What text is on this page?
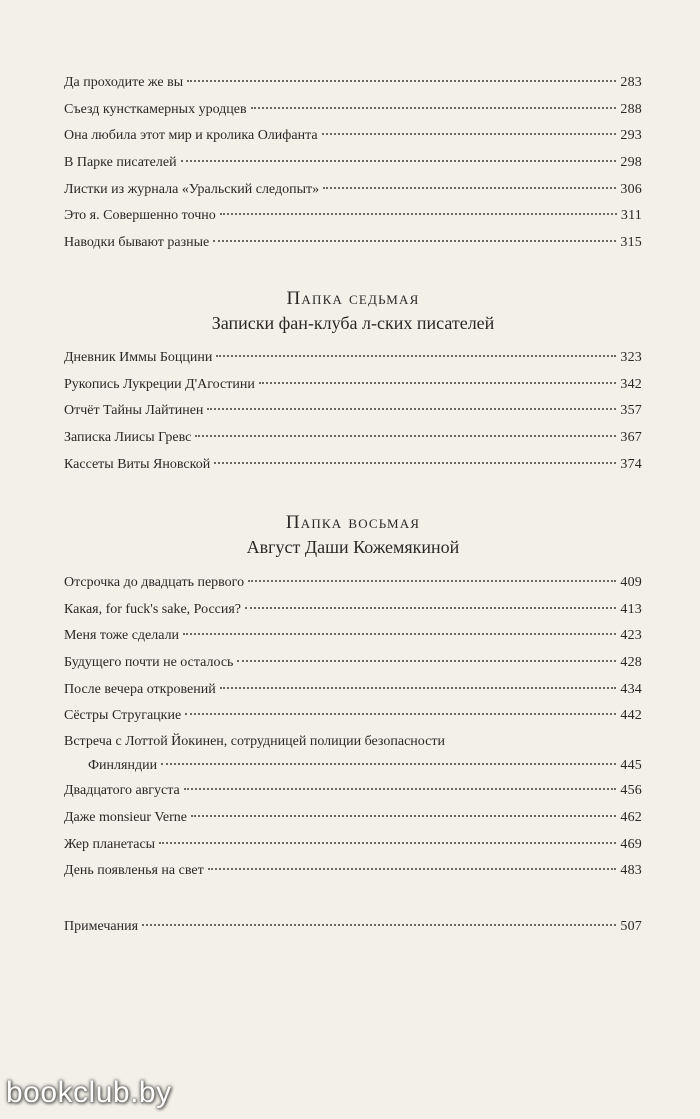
Да проходите же вы	283
Съезд кунсткамерных уродцев	288
Она любила этот мир и кролика Олифанта	293
В Парке писателей	298
Листки из журнала «Уральский следопыт»	306
Это я. Совершенно точно	311
Наводки бывают разные	315
Папка седьмая
Записки фан-клуба л-ских писателей
Дневник Иммы Боццини	323
Рукопись Лукреции Д'Агостини	342
Отчёт Тайны Лайтинен	357
Записка Лииcы Гревс	367
Кассеты Виты Яновской	374
Папка восьмая
Август Даши Кожемякиной
Отсрочка до двадцать первого	409
Какая, for fuck's sake, Россия?	413
Меня тоже сделали	423
Будущего почти не осталось	428
После вечера откровений	434
Сёстры Стругацкие	442
Встреча с Лоттой Йокинен, сотрудницей полиции безопасности
Финляндии	445
Двадцатого августа	456
Даже monsieur Verne	462
Жер планетасы	469
День появленья на свет	483
Примечания	507
bookclub.by
